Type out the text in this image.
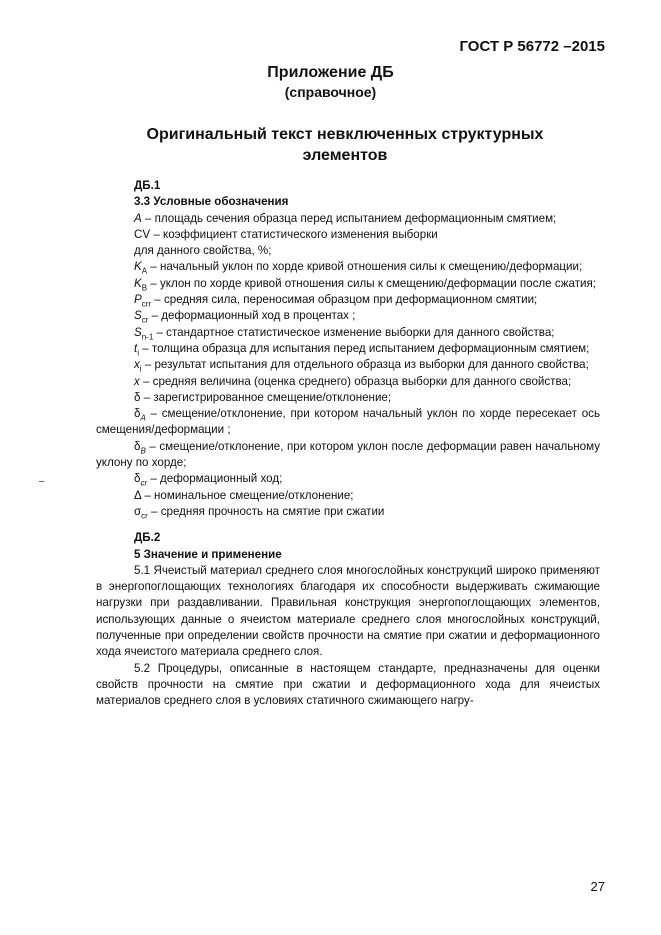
ГОСТ Р 56772 –2015
Приложение ДБ
(справочное)
Оригинальный текст невключенных структурных элементов

ДБ.1

3.3 Условные обозначения

A – площадь сечения образца перед испытанием деформационным смятием;

CV – коэффициент статистического изменения выборки

для данного свойства, %;

$K_A$ – начальный уклон по хорде кривой отношения силы к смещению/деформации;

$K_B$ – уклон по хорде кривой отношения силы к смещению/деформации после сжатия;

$P_{crr}$ – средняя сила, переносимая образцом при деформационном смятии;

$S_{cr}$ – деформационный ход в процентах ;

$S_{n-1}$ – стандартное статистическое изменение выборки для данного свойства;

$t_i$ – толщина образца для испытания перед испытанием деформационным смятием;

$x_i$ – результат испытания для отдельного образца из выборки для данного свойства;

x – средняя величина (оценка среднего) образца выборки для данного свойства;

δ – зарегистрированное смещение/отклонение;

$\delta_A$ – смещение/отклонение, при котором начальный уклон по хорде пересекает ось смещения/деформации ;

$\delta_B$ – смещение/отклонение, при котором уклон после деформации равен начальному уклону по хорде;

$\delta_{cr}$ – деформационный ход;

Δ – номинальное смещение/отклонение;

$\sigma_{cr}$ – средняя прочность на смятие при сжатии

ДБ.2

5 Значение и применение

5.1 Ячеистый материал среднего слоя многослойных конструкций широко применяют в энергопоглощающих технологиях благодаря их способности выдерживать сжимающие нагрузки при раздавливании. Правильная конструкция энергопоглощающих элементов, использующих данные о ячеистом материале среднего слоя многослойных конструкций, полученные при определении свойств прочности на смятие при сжатии и деформационного хода ячеистого материала среднего слоя.

5.2 Процедуры, описанные в настоящем стандарте, предназначены для оценки свойств прочности на смятие при сжатии и деформационного хода для ячеистых материалов среднего слоя в условиях статичного сжимающего нагру-

27
